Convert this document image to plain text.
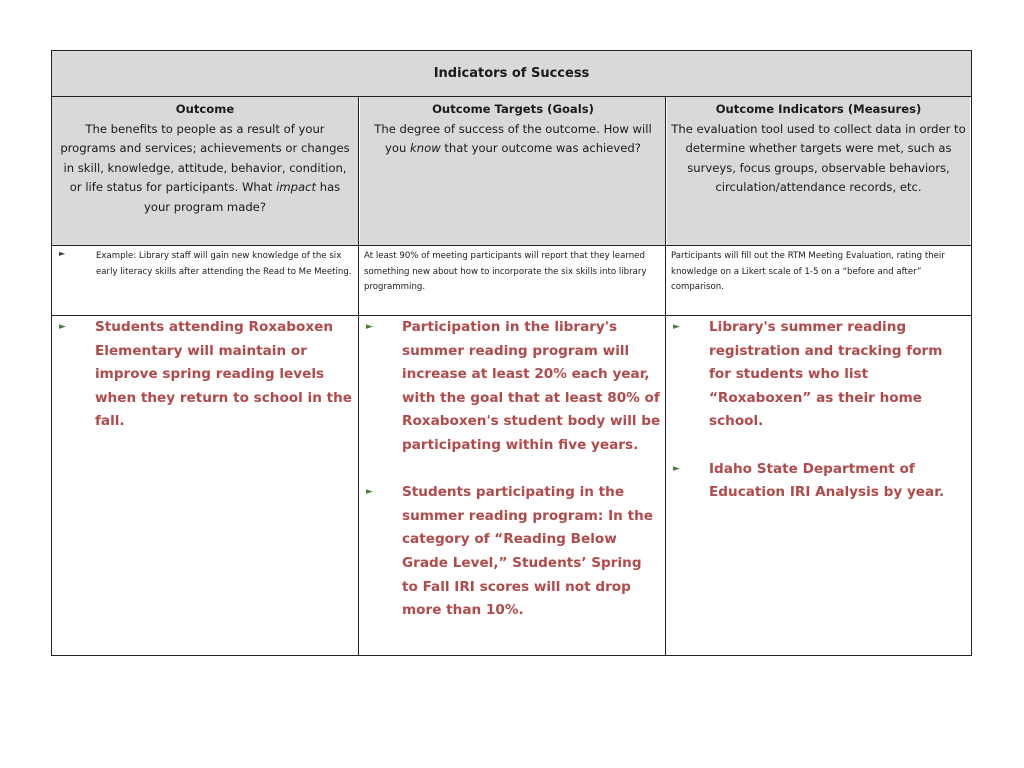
Indicators of Success
Outcome
The benefits to people as a result of your programs and services; achievements or changes in skill, knowledge, attitude, behavior, condition, or life status for participants. What impact has your program made?
Outcome Targets (Goals)
The degree of success of the outcome. How will you know that your outcome was achieved?
Outcome Indicators (Measures)
The evaluation tool used to collect data in order to determine whether targets were met, such as surveys, focus groups, observable behaviors, circulation/attendance records, etc.
►	Example: Library staff will gain new knowledge of the six early literacy skills after attending the Read to Me Meeting.
At least 90% of meeting participants will report that they learned something new about how to incorporate the six skills into library programming.
Participants will fill out the RTM Meeting Evaluation, rating their knowledge on a Likert scale of 1-5 on a “before and after” comparison.
► Students attending Roxaboxen Elementary will maintain or improve spring reading levels when they return to school in the fall.
► Participation in the library's summer reading program will increase at least 20% each year, with the goal that at least 80% of Roxaboxen's student body will be participating within five years.
► Students participating in the summer reading program: In the category of “Reading Below Grade Level,” Students’ Spring to Fall IRI scores will not drop more than 10%.
► Library's summer reading registration and tracking form for students who list “Roxaboxen” as their home school.
► Idaho State Department of Education IRI Analysis by year.
